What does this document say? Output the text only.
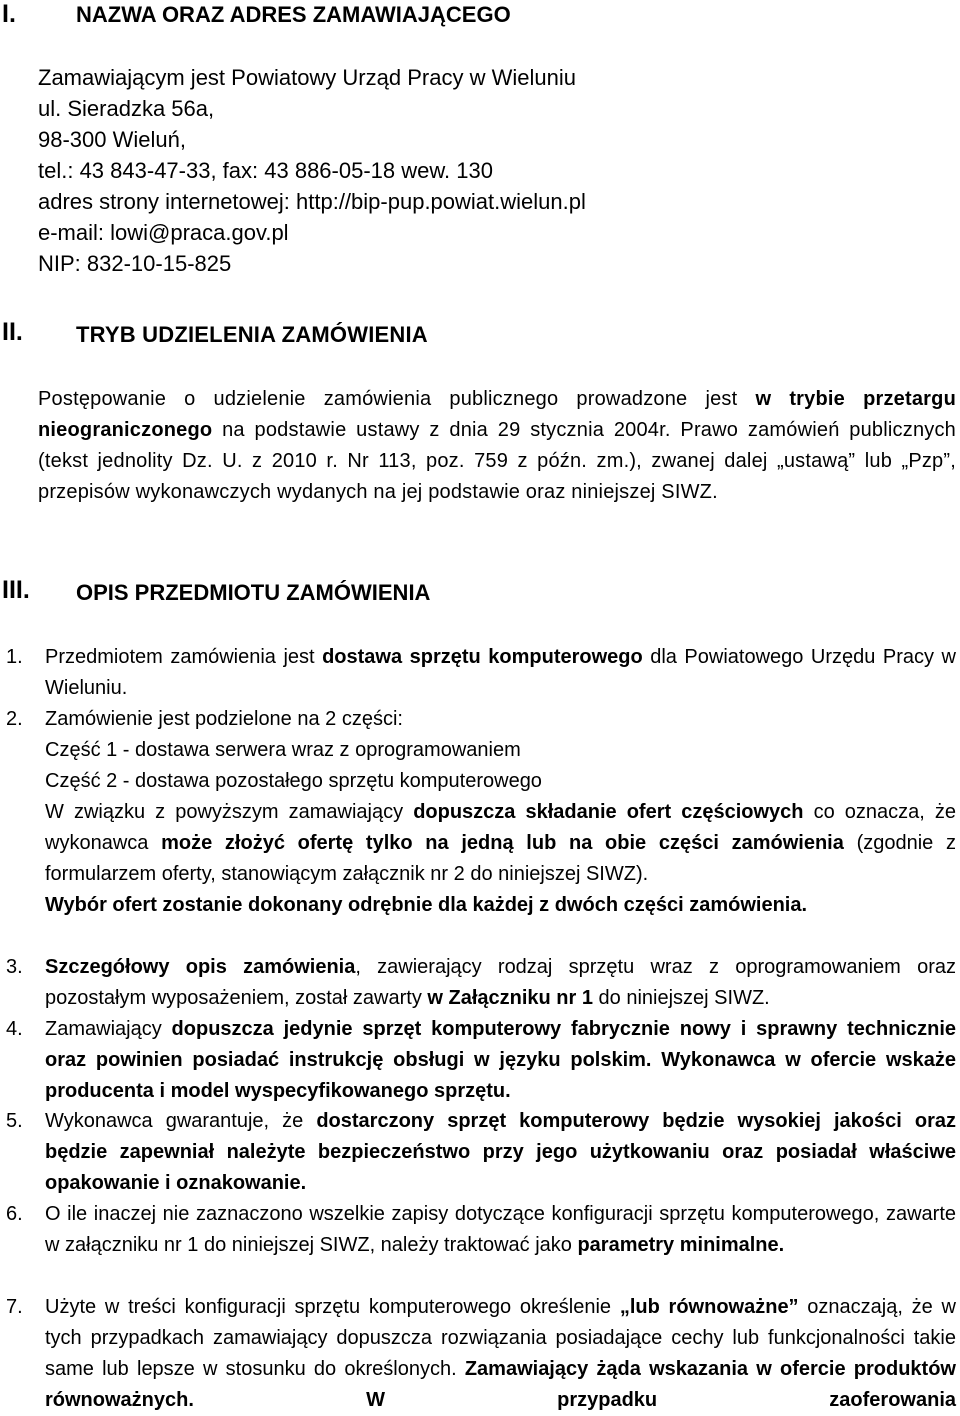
I.	NAZWA ORAZ ADRES ZAMAWIAJĄCEGO
Zamawiającym jest Powiatowy Urząd Pracy w Wieluniu
ul. Sieradzka 56a,
98-300 Wieluń,
tel.: 43 843-47-33, fax: 43 886-05-18 wew. 130
adres strony internetowej: http://bip-pup.powiat.wielun.pl
e-mail: lowi@praca.gov.pl
NIP: 832-10-15-825
II. TRYB UDZIELENIA ZAMÓWIENIA

Postępowanie o udzielenie zamówienia publicznego prowadzone jest w trybie przetargu nieograniczonego na podstawie ustawy z dnia 29 stycznia 2004r. Prawo zamówień publicznych (tekst jednolity Dz. U. z 2010 r. Nr 113, poz. 759 z późn. zm.), zwanej dalej „ustawą” lub „Pzp”, przepisów wykonawczych wydanych na jej podstawie oraz niniejszej SIWZ.

III. OPIS PRZEDMIOTU ZAMÓWIENIA
1. Przedmiotem zamówienia jest dostawa sprzętu komputerowego dla Powiatowego Urzędu Pracy w Wieluniu.

2. Zamówienie jest podzielone na 2 części:
Część 1 - dostawa serwera wraz z oprogramowaniem
Część 2 - dostawa pozostałego sprzętu komputerowego

W związku z powyższym zamawiający dopuszcza składanie ofert częściowych co oznacza, że wykonawca może złożyć ofertę tylko na jedną lub na obie części zamówienia (zgodnie z formularzem oferty, stanowiącym załącznik nr 2 do niniejszej SIWZ).

Wybór ofert zostanie dokonany odrębnie dla każdej z dwóch części zamówienia.

3. Szczegółowy opis zamówienia, zawierający rodzaj sprzętu wraz z oprogramowaniem oraz pozostałym wyposażeniem, został zawarty w Załączniku nr 1 do niniejszej SIWZ.

4. Zamawiający dopuszcza jedynie sprzęt komputerowy fabrycznie nowy i sprawny technicznie oraz powinien posiadać instrukcję obsługi w języku polskim. Wykonawca w ofercie wskaże producenta i model wyspecyfikowanego sprzętu.

5. Wykonawca gwarantuje, że dostarczony sprzęt komputerowy będzie wysokiej jakości oraz będzie zapewniał należyte bezpieczeństwo przy jego użytkowaniu oraz posiadał właściwe opakowanie i oznakowanie.

6. O ile inaczej nie zaznaczono wszelkie zapisy dotyczące konfiguracji sprzętu komputerowego, zawarte w załączniku nr 1 do niniejszej SIWZ, należy traktować jako parametry minimalne.

7. Użyte w treści konfiguracji sprzętu komputerowego określenie „lub równoważne” oznaczają, że w tych przypadkach zamawiający dopuszcza rozwiązania posiadające cechy lub funkcjonalności takie same lub lepsze w stosunku do określonych. Zamawiający żąda wskazania w ofercie produktów równoważnych. W przypadku zaoferowania
